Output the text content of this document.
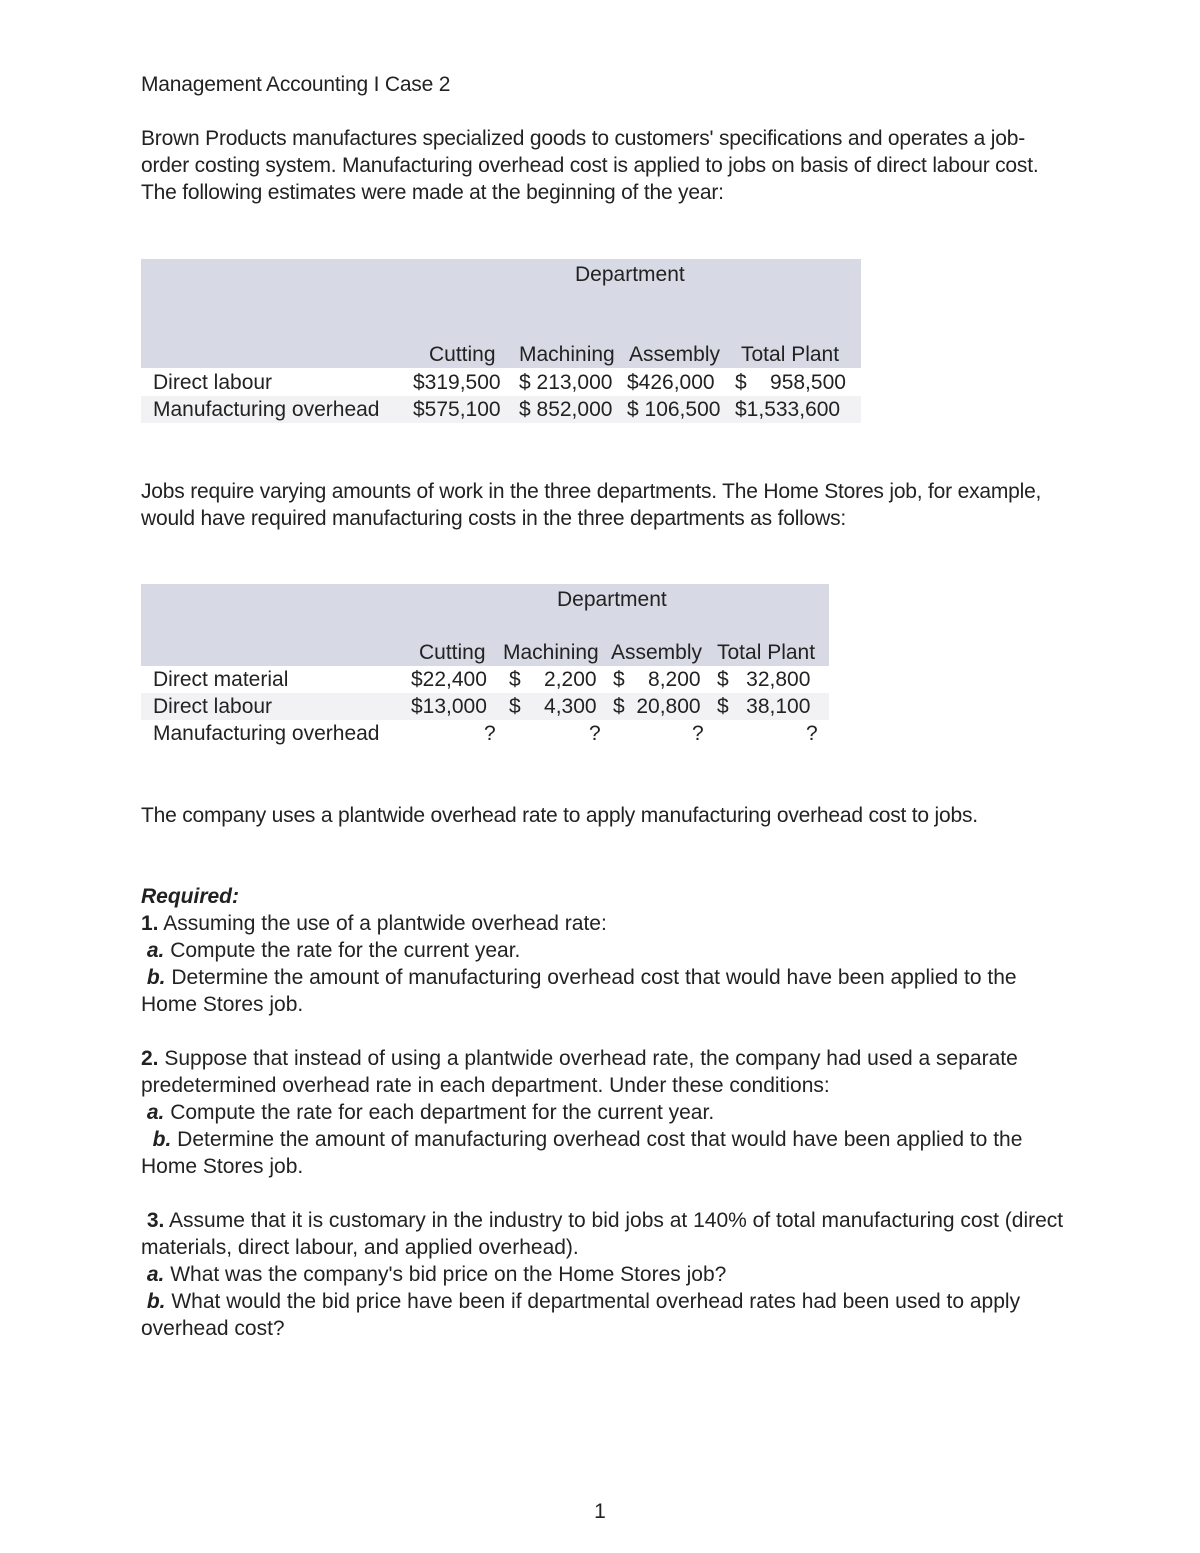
Management Accounting I Case 2

Brown Products manufactures specialized goods to customers' specifications and operates a job-order costing system. Manufacturing overhead cost is applied to jobs on basis of direct labour cost. The following estimates were made at the beginning of the year:

Department
Cutting Machining Assembly Total Plant
Direct labour	$319,500 $ 213,000 $426,000 $    958,500
Manufacturing overhead $575,100 $ 852,000 $ 106,500 $1,533,600

Jobs require varying amounts of work in the three departments. The Home Stores job, for example, would have required manufacturing costs in the three departments as follows:

Department
Cutting Machining Assembly Total Plant
Direct material	$22,400 $    2,200 $    8,200 $   32,800
Direct labour	$13,000 $    4,300 $  20,800 $   38,100
Manufacturing overhead	?	?	?	?

The company uses a plantwide overhead rate to apply manufacturing overhead cost to jobs.

Required:

1. Assuming the use of a plantwide overhead rate:

a. Compute the rate for the current year.

b. Determine the amount of manufacturing overhead cost that would have been applied to the Home Stores job.

2. Suppose that instead of using a plantwide overhead rate, the company had used a separate predetermined overhead rate in each department. Under these conditions:

a. Compute the rate for each department for the current year.

b. Determine the amount of manufacturing overhead cost that would have been applied to the Home Stores job.

3. Assume that it is customary in the industry to bid jobs at 140% of total manufacturing cost (direct materials, direct labour, and applied overhead).

a. What was the company's bid price on the Home Stores job?

b. What would the bid price have been if departmental overhead rates had been used to apply overhead cost?

1
